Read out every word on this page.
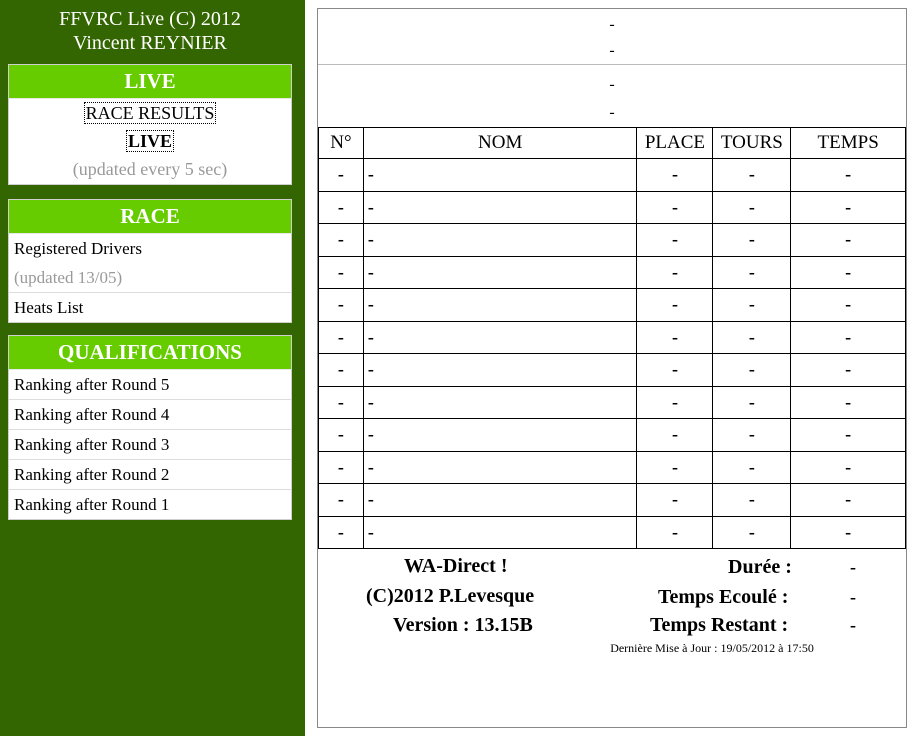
FFVRC Live (C) 2012
Vincent REYNIER
LIVE
RACE RESULTS
LIVE
(updated every 5 sec)
RACE
Registered Drivers
(updated 13/05)
Heats List
QUALIFICATIONS
Ranking after Round 5
Ranking after Round 4
Ranking after Round 3
Ranking after Round 2
Ranking after Round 1
-
-
-
-
N°	NOM	PLACE	TOURS	TEMPS
-	-	-	-	-
-	-	-	-	-
-	-	-	-	-
-	-	-	-	-
-	-	-	-	-
-	-	-	-	-
-	-	-	-	-
-	-	-	-	-
-	-	-	-	-
-	-	-	-	-
-	-	-	-	-
-	-	-	-	-
WA-Direct !
(C)2012 P.Levesque
Version : 13.15B
Durée :	-
Temps Ecoulé :	-
Temps Restant :	-
Dernière Mise à Jour : 19/05/2012 à 17:50
